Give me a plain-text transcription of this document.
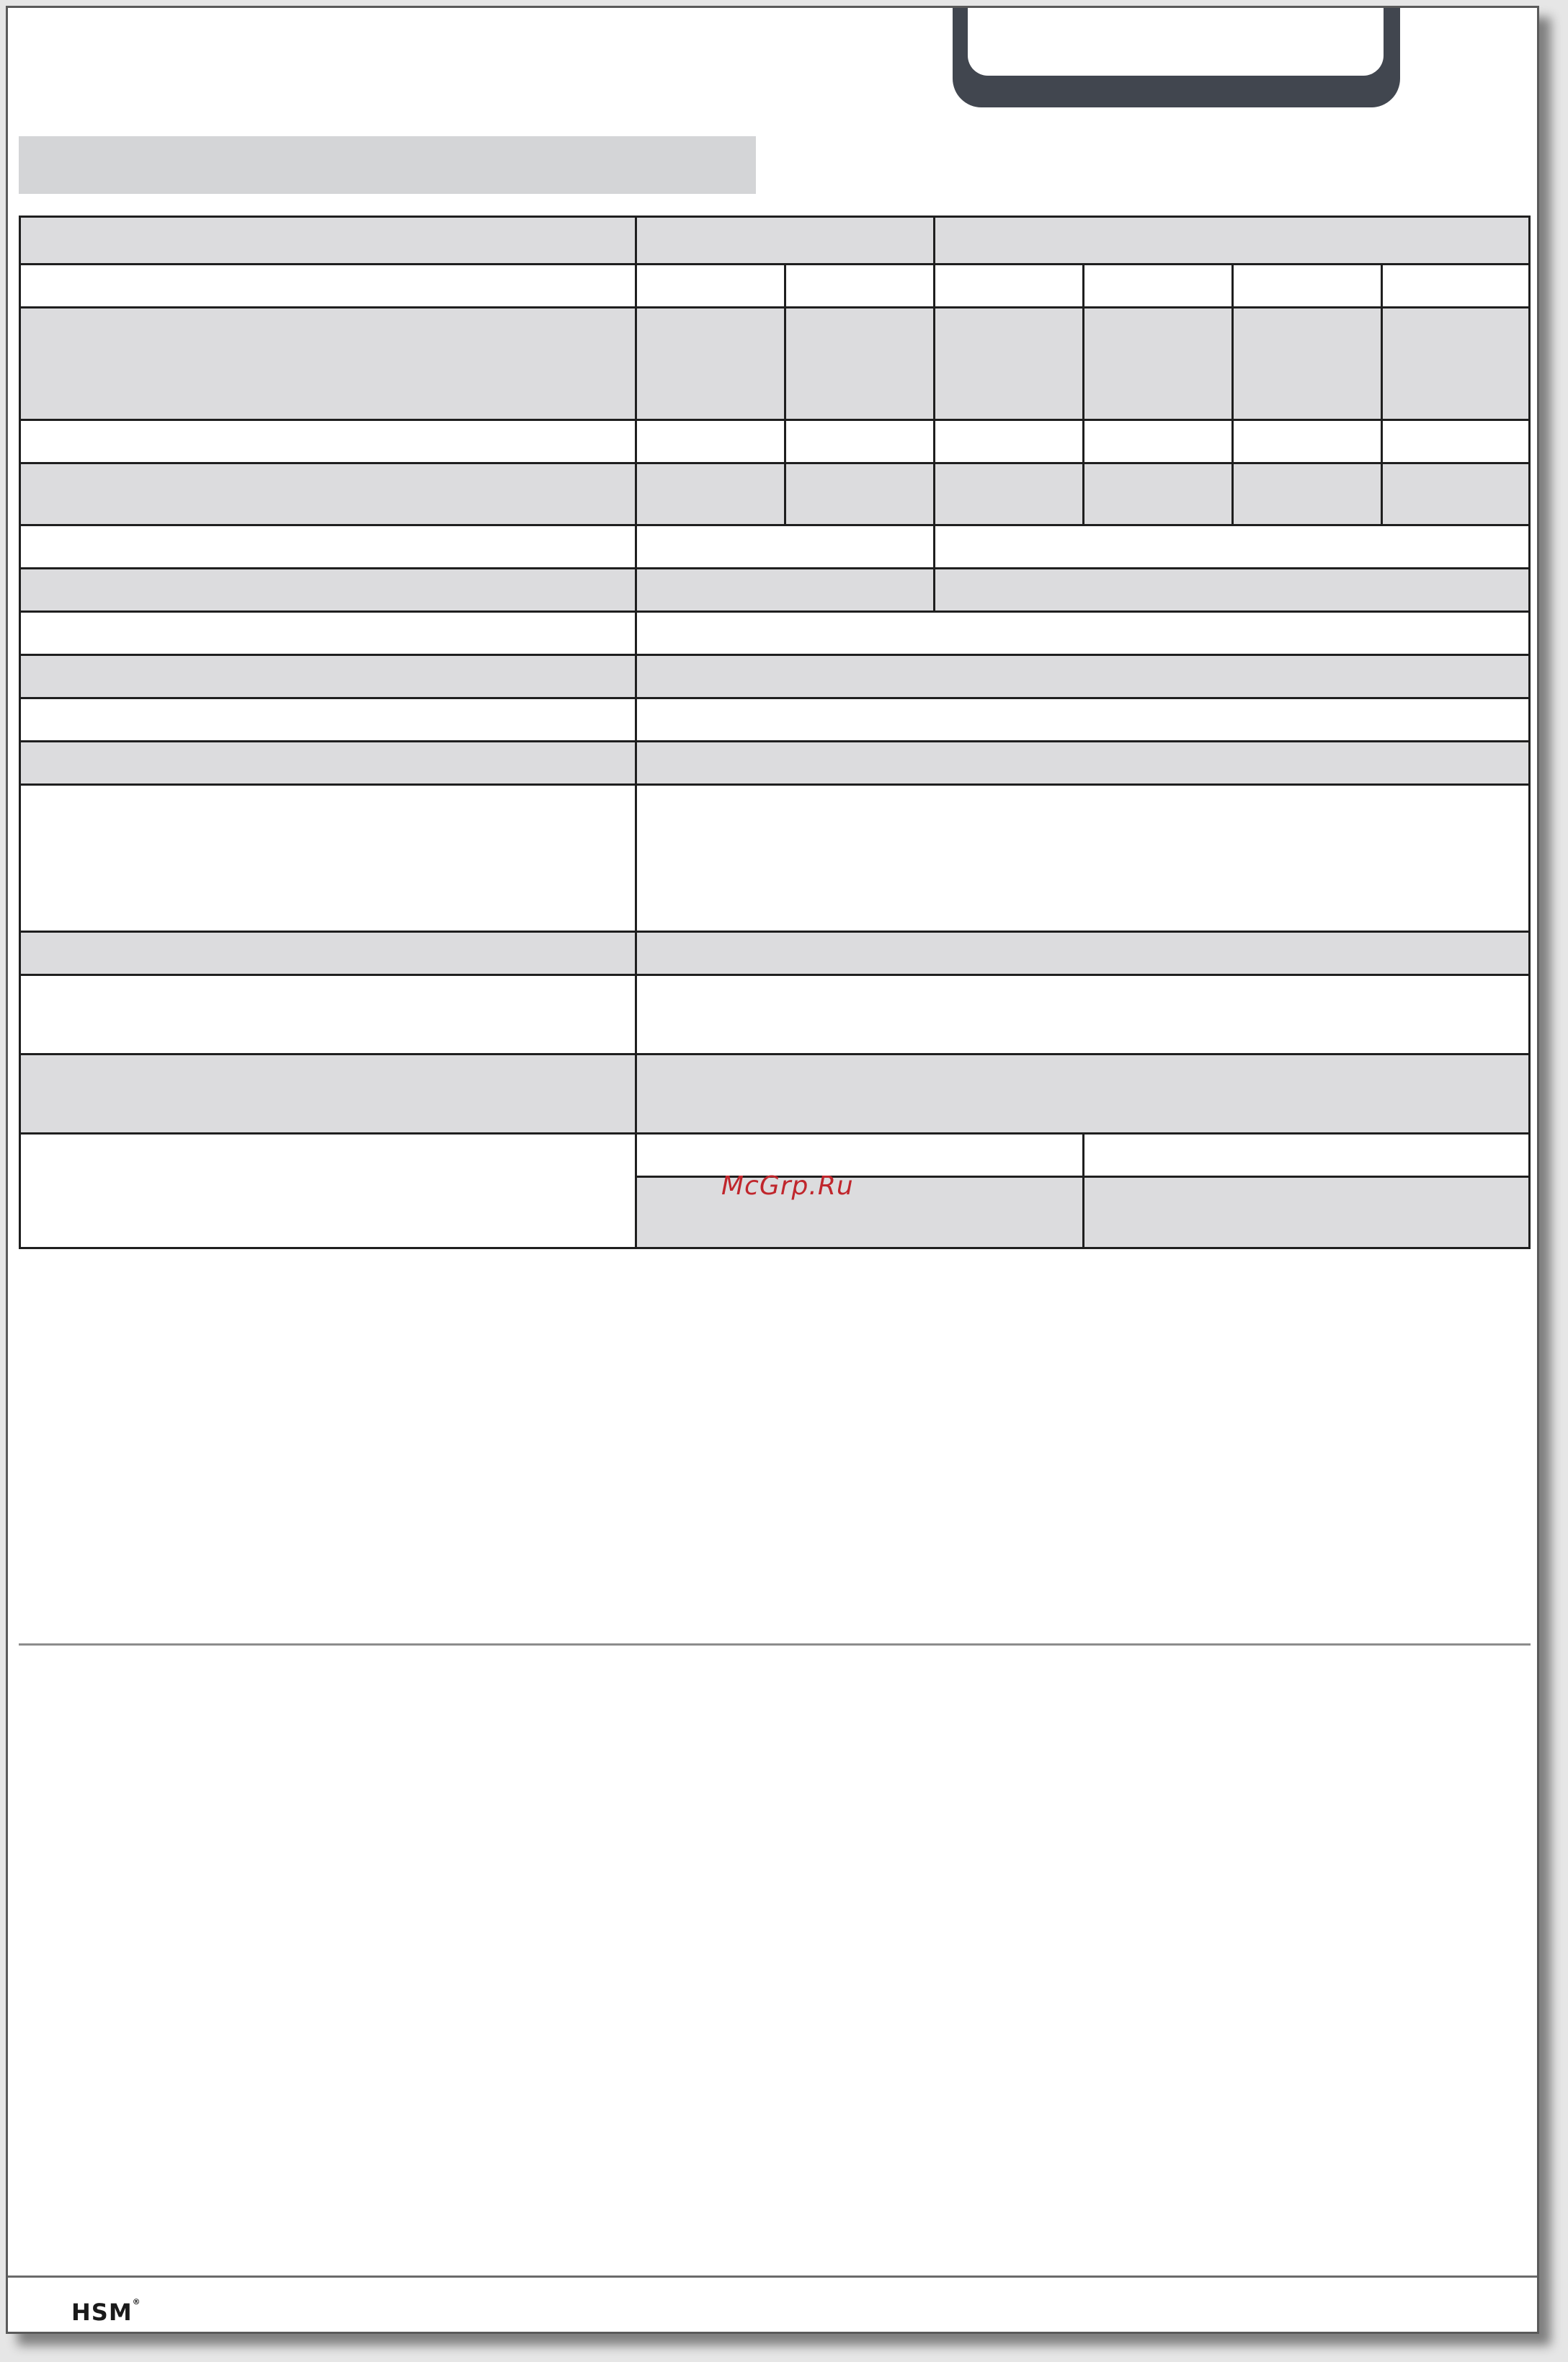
McGrp.Ru
HSM®
